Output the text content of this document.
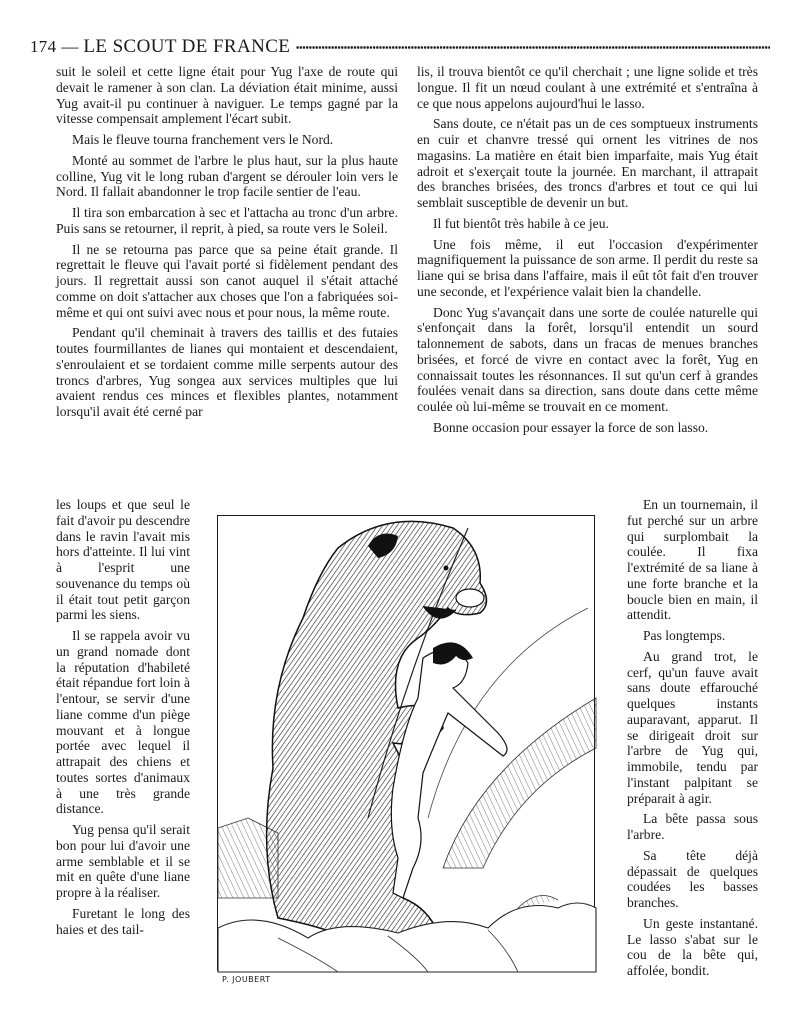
174 — LE SCOUT DE FRANCE

suit le soleil et cette ligne était pour Yug l'axe de route qui devait le ramener à son clan. La déviation était minime, aussi Yug avait-il pu continuer à naviguer. Le temps gagné par la vitesse compensait amplement l'écart subit.

Mais le fleuve tourna franchement vers le Nord.

Monté au sommet de l'arbre le plus haut, sur la plus haute colline, Yug vit le long ruban d'argent se dérouler loin vers le Nord. Il fallait abandonner le trop facile sentier de l'eau.

Il tira son embarcation à sec et l'attacha au tronc d'un arbre. Puis sans se retourner, il reprit, à pied, sa route vers le Soleil.

Il ne se retourna pas parce que sa peine était grande. Il regrettait le fleuve qui l'avait porté si fidèlement pendant des jours. Il regrettait aussi son canot auquel il s'était attaché comme on doit s'attacher aux choses que l'on a fabriquées soi-même et qui ont suivi avec nous et pour nous, la même route.

Pendant qu'il cheminait à travers des taillis et des futaies toutes fourmillantes de lianes qui montaient et descendaient, s'enroulaient et se tordaient comme mille serpents autour des troncs d'arbres, Yug songea aux services multiples que lui avaient rendus ces minces et flexibles plantes, notamment lorsqu'il avait été cerné par

les loups et que seul le fait d'avoir pu descendre dans le ravin l'avait mis hors d'atteinte. Il lui vint à l'esprit une souvenance du temps où il était tout petit garçon parmi les siens.

Il se rappela avoir vu un grand nomade dont la réputation d'habileté était répandue fort loin à l'entour, se servir d'une liane comme d'un piège mouvant et à longue portée avec lequel il attrapait des chiens et toutes sortes d'animaux à une très grande distance.

Yug pensa qu'il serait bon pour lui d'avoir une arme semblable et il se mit en quête d'une liane propre à la réaliser.

Furetant le long des haies et des tail-

lis, il trouva bientôt ce qu'il cherchait ; une ligne solide et très longue. Il fit un nœud coulant à une extrémité et s'entraîna à ce que nous appelons aujourd'hui le lasso.

Sans doute, ce n'était pas un de ces somptueux instruments en cuir et chanvre tressé qui ornent les vitrines de nos magasins. La matière en était bien imparfaite, mais Yug était adroit et s'exerçait toute la journée. En marchant, il attrapait des branches brisées, des troncs d'arbres et tout ce qui lui semblait susceptible de devenir un but.

Il fut bientôt très habile à ce jeu.

Une fois même, il eut l'occasion d'expérimenter magnifiquement la puissance de son arme. Il perdit du reste sa liane qui se brisa dans l'affaire, mais il eût tôt fait d'en trouver une seconde, et l'expérience valait bien la chandelle.

Donc Yug s'avançait dans une sorte de coulée naturelle qui s'enfonçait dans la forêt, lorsqu'il entendit un sourd talonnement de sabots, dans un fracas de menues branches brisées, et forcé de vivre en contact avec la forêt, Yug en connaissait toutes les résonnances. Il sut qu'un cerf à grandes foulées venait dans sa direction, sans doute dans cette même coulée où lui-même se trouvait en ce moment.

Bonne occasion pour essayer la force de son lasso.

En un tournemain, il fut perché sur un arbre qui surplombait la coulée. Il fixa l'extrémité de sa liane à une forte branche et la boucle bien en main, il attendit.

Pas longtemps.

Au grand trot, le cerf, qu'un fauve avait sans doute effarouché quelques instants auparavant, apparut. Il se dirigeait droit sur l'arbre de Yug qui, immobile, tendu par l'instant palpitant se préparait à agir.

La bête passa sous l'arbre.

Sa tête déjà dépassait de quelques coudées les basses branches.

Un geste instantané. Le lasso s'abat sur le cou de la bête qui, affolée, bondit.

P. JOUBERT
